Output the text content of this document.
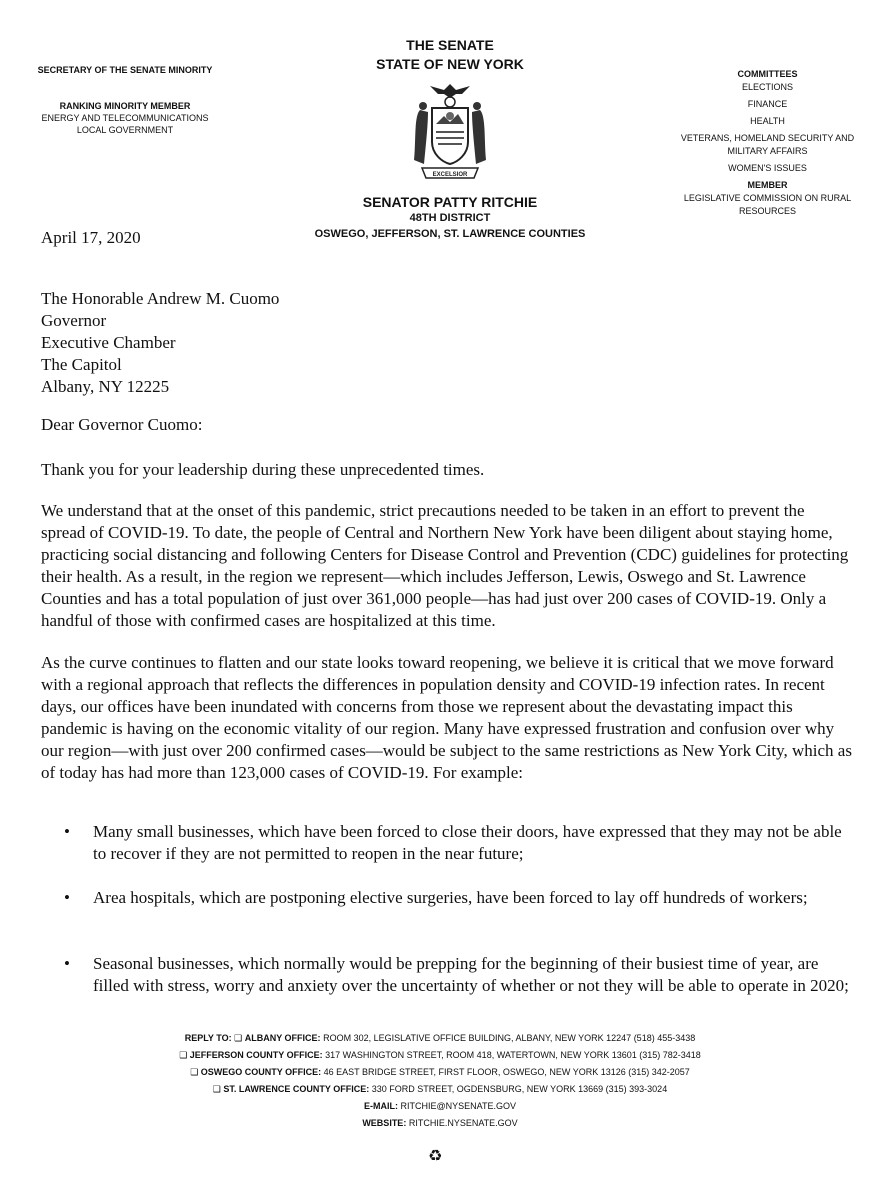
SECRETARY OF THE SENATE MINORITY
RANKING MINORITY MEMBER
ENERGY AND TELECOMMUNICATIONS
LOCAL GOVERNMENT
THE SENATE
STATE OF NEW YORK
EXCELSIOR
SENATOR PATTY RITCHIE
48TH DISTRICT
OSWEGO, JEFFERSON, ST. LAWRENCE COUNTIES
COMMITTEES
ELECTIONS
FINANCE
HEALTH
VETERANS, HOMELAND SECURITY AND
MILITARY AFFAIRS
WOMEN'S ISSUES
MEMBER
LEGISLATIVE COMMISSION ON RURAL
RESOURCES
April 17, 2020
The Honorable Andrew M. Cuomo
Governor
Executive Chamber
The Capitol
Albany, NY 12225
Dear Governor Cuomo:
Thank you for your leadership during these unprecedented times.
We understand that at the onset of this pandemic, strict precautions needed to be taken in an effort to prevent the spread of COVID-19. To date, the people of Central and Northern New York have been diligent about staying home, practicing social distancing and following Centers for Disease Control and Prevention (CDC) guidelines for protecting their health. As a result, in the region we represent—which includes Jefferson, Lewis, Oswego and St. Lawrence Counties and has a total population of just over 361,000 people—has had just over 200 cases of COVID-19. Only a handful of those with confirmed cases are hospitalized at this time.
As the curve continues to flatten and our state looks toward reopening, we believe it is critical that we move forward with a regional approach that reflects the differences in population density and COVID-19 infection rates. In recent days, our offices have been inundated with concerns from those we represent about the devastating impact this pandemic is having on the economic vitality of our region. Many have expressed frustration and confusion over why our region—with just over 200 confirmed cases—would be subject to the same restrictions as New York City, which as of today has had more than 123,000 cases of COVID-19. For example:
• Many small businesses, which have been forced to close their doors, have expressed that they may not be able to recover if they are not permitted to reopen in the near future;
• Area hospitals, which are postponing elective surgeries, have been forced to lay off hundreds of workers;
• Seasonal businesses, which normally would be prepping for the beginning of their busiest time of year, are filled with stress, worry and anxiety over the uncertainty of whether or not they will be able to operate in 2020;
REPLY TO: ❑ ALBANY OFFICE: ROOM 302, LEGISLATIVE OFFICE BUILDING, ALBANY, NEW YORK 12247 (518) 455-3438
❑ JEFFERSON COUNTY OFFICE: 317 WASHINGTON STREET, ROOM 418, WATERTOWN, NEW YORK 13601 (315) 782-3418
❑ OSWEGO COUNTY OFFICE: 46 EAST BRIDGE STREET, FIRST FLOOR, OSWEGO, NEW YORK 13126 (315) 342-2057
❑ ST. LAWRENCE COUNTY OFFICE: 330 FORD STREET, OGDENSBURG, NEW YORK 13669 (315) 393-3024
E-MAIL: RITCHIE@NYSENATE.GOV
WEBSITE: RITCHIE.NYSENATE.GOV
♻
